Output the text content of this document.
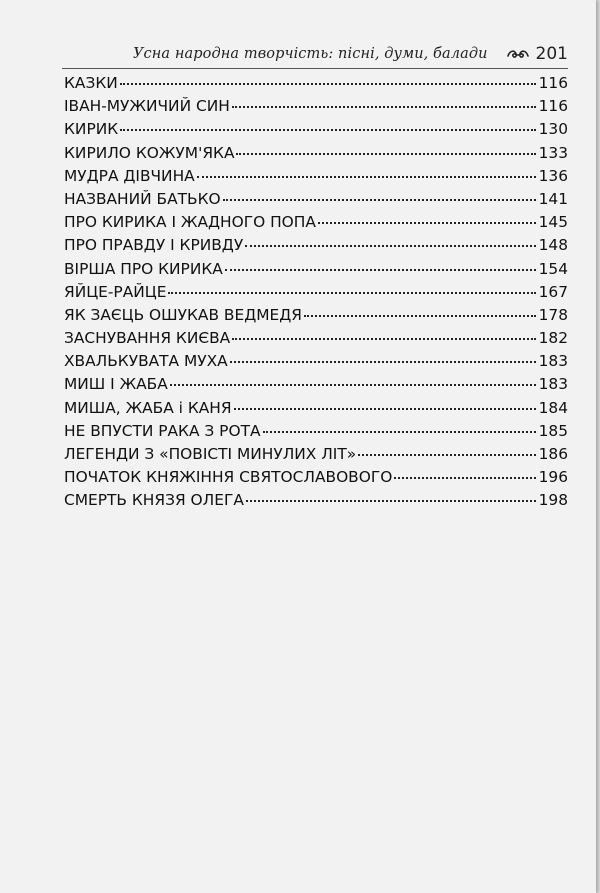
Усна народна творчість: пісні, думи, балади	201
КАЗКИ	116
ІВАН-МУЖИЧИЙ СИН	116
КИРИК	130
КИРИЛО КОЖУМ'ЯКА	133
МУДРА ДІВЧИНА	136
НАЗВАНИЙ БАТЬКО	141
ПРО КИРИКА І ЖАДНОГО ПОПА	145
ПРО ПРАВДУ І КРИВДУ	148
ВІРША ПРО КИРИКА	154
ЯЙЦЕ-РАЙЦЕ	167
ЯК ЗАЄЦЬ ОШУКАВ ВЕДМЕДЯ	178
ЗАСНУВАННЯ КИЄВА	182
ХВАЛЬКУВАТА МУХА	183
МИШ І ЖАБА	183
МИША, ЖАБА і КАНЯ	184
НЕ ВПУСТИ РАКА З РОТА	185
ЛЕГЕНДИ З «ПОВІСТІ МИНУЛИХ ЛІТ»	186
ПОЧАТОК КНЯЖІННЯ СВЯТОСЛАВОВОГО	196
СМЕРТЬ КНЯЗЯ ОЛЕГА	198
